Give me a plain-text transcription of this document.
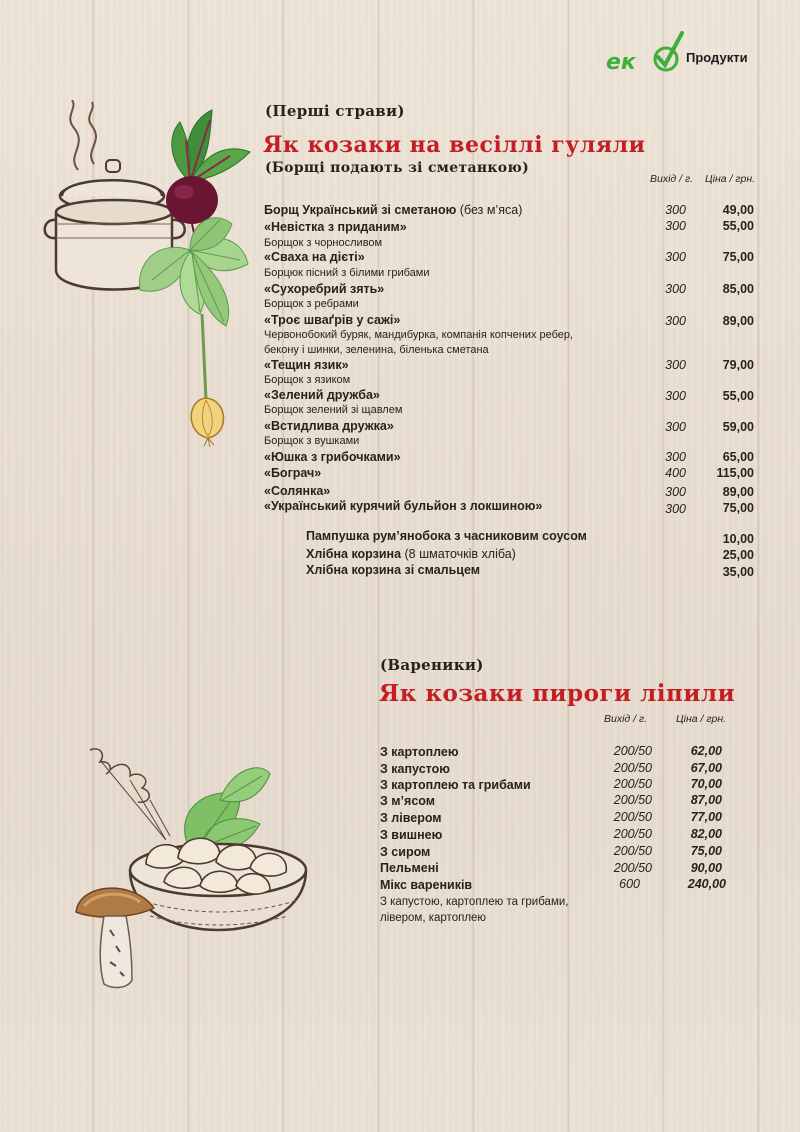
ек	Продукти
(Перші страви)
Як козаки на весіллі гуляли
(Борщі подають зі сметанкою)
Вихід / г. Ціна / грн.
Борщ Український зі сметаною (без м’яса)	300	49,00
«Невістка з приданим»	300	55,00
Борщок з чорносливом
«Сваха на дієті»	300	75,00
Борцюк пісний з білими грибами
«Сухоребрий зять»	300	85,00
Борщок з ребрами
«Троє шваґрів у сажі»	300	89,00
Червонобокий буряк, мандибурка, компанія копчених ребер,
бекону і шинки, зеленина, біленька сметана
«Тещин язик»	300	79,00
Борщок з язиком
«Зелений дружба»	300	55,00
Борщок зелений зі щавлем
«Встидлива дружка»	300	59,00
Борщок з вушками
«Юшка з грибочками»	300	65,00
«Бограч»	400	115,00
«Солянка»	300	89,00
«Український курячий бульйон з локшиною»	300	75,00
Пампушка рум’янобока з часниковим соусом	10,00
Хлібна корзина (8 шматочків хліба)	25,00
Хлібна корзина зі смальцем	35,00
(Вареники)
Як козаки пироги ліпили
Вихід / г.	Ціна / грн.
З картоплею	200/50	62,00
З капустою	200/50	67,00
З картоплею та грибами	200/50	70,00
З м’ясом	200/50	87,00
З лівером	200/50	77,00
З вишнею	200/50	82,00
З сиром	200/50	75,00
Пельмені	200/50	90,00
Мікс вареників	600	240,00
З капустою, картоплею та грибами,
лівером, картоплею
